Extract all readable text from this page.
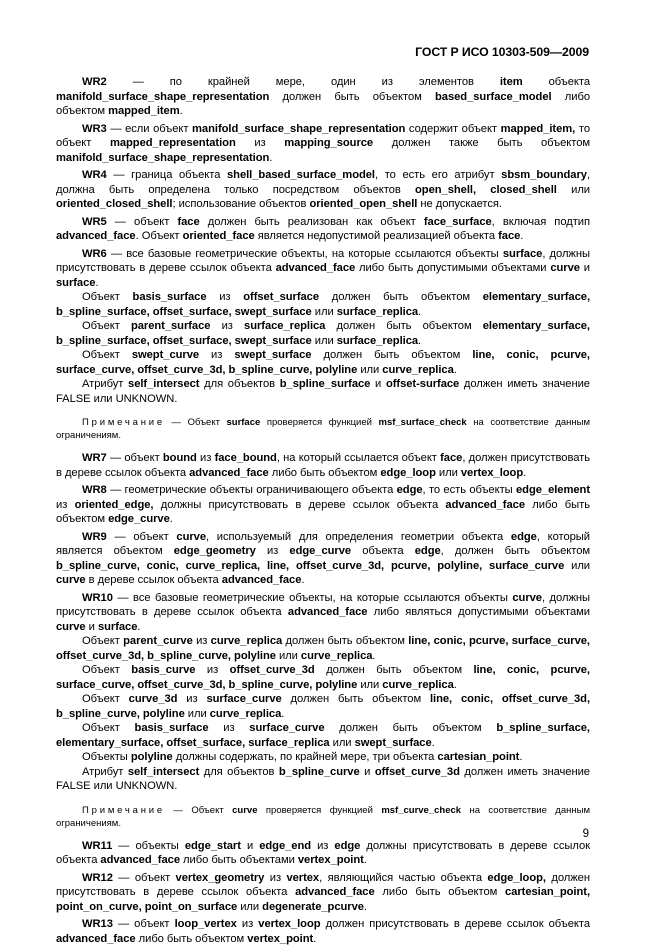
ГОСТ Р ИСО 10303-509—2009

WR2 — по крайней мере, один из элементов item объекта manifold_surface_shape_representation должен быть объектом based_surface_model либо объектом mapped_item.

WR3 — если объект manifold_surface_shape_representation содержит объект mapped_item, то объект mapped_representation из mapping_source должен также быть объектом manifold_surface_shape_representation.

WR4 — граница объекта shell_based_surface_model, то есть его атрибут sbsm_boundary, должна быть определена только посредством объектов open_shell, closed_shell или oriented_closed_shell; использование объектов oriented_open_shell не допускается.

WR5 — объект face должен быть реализован как объект face_surface, включая подтип advanced_face. Объект oriented_face является недопустимой реализацией объекта face.

WR6 — все базовые геометрические объекты, на которые ссылаются объекты surface, должны присутствовать в дереве ссылок объекта advanced_face либо быть допустимыми объектами curve и surface.

Объект basis_surface из offset_surface должен быть объектом elementary_surface, b_spline_surface, offset_surface, swept_surface или surface_replica.

Объект parent_surface из surface_replica должен быть объектом elementary_surface, b_spline_surface, offset_surface, swept_surface или surface_replica.

Объект swept_curve из swept_surface должен быть объектом line, conic, pcurve, surface_curve, offset_curve_3d, b_spline_curve, polyline или curve_replica.

Атрибут self_intersect для объектов b_spline_surface и offset-surface должен иметь значение FALSE или UNKNOWN.

Примечание — Объект surface проверяется функцией msf_surface_check на соответствие данным ограничениям.

WR7 — объект bound из face_bound, на который ссылается объект face, должен присутствовать в дереве ссылок объекта advanced_face либо быть объектом edge_loop или vertex_loop.

WR8 — геометрические объекты ограничивающего объекта edge, то есть объекты edge_element из oriented_edge, должны присутствовать в дереве ссылок объекта advanced_face либо быть объектом edge_curve.

WR9 — объект curve, используемый для определения геометрии объекта edge, который является объектом edge_geometry из edge_curve объекта edge, должен быть объектом b_spline_curve, conic, curve_replica, line, offset_curve_3d, pcurve, polyline, surface_curve или curve в дереве ссылок объекта advanced_face.

WR10 — все базовые геометрические объекты, на которые ссылаются объекты curve, должны присутствовать в дереве ссылок объекта advanced_face либо являться допустимыми объектами curve и surface.

Объект parent_curve из curve_replica должен быть объектом line, conic, pcurve, surface_curve, offset_curve_3d, b_spline_curve, polyline или curve_replica.

Объект basis_curve из offset_curve_3d должен быть объектом line, conic, pcurve, surface_curve, offset_curve_3d, b_spline_curve, polyline или curve_replica.

Объект curve_3d из surface_curve должен быть объектом line, conic, offset_curve_3d, b_spline_curve, polyline или curve_replica.

Объект basis_surface из surface_curve должен быть объектом b_spline_surface, elementary_surface, offset_surface, surface_replica или swept_surface.

Объекты polyline должны содержать, по крайней мере, три объекта cartesian_point.

Атрибут self_intersect для объектов b_spline_curve и offset_curve_3d должен иметь значение FALSE или UNKNOWN.

Примечание — Объект curve проверяется функцией msf_curve_check на соответствие данным ограничениям.

WR11 — объекты edge_start и edge_end из edge должны присутствовать в дереве ссылок объекта advanced_face либо быть объектами vertex_point.

WR12 — объект vertex_geometry из vertex, являющийся частью объекта edge_loop, должен присутствовать в дереве ссылок объекта advanced_face либо быть объектом cartesian_point, point_on_curve, point_on_surface или degenerate_pcurve.

WR13 — объект loop_vertex из vertex_loop должен присутствовать в дереве ссылок объекта advanced_face либо быть объектом vertex_point.

9
